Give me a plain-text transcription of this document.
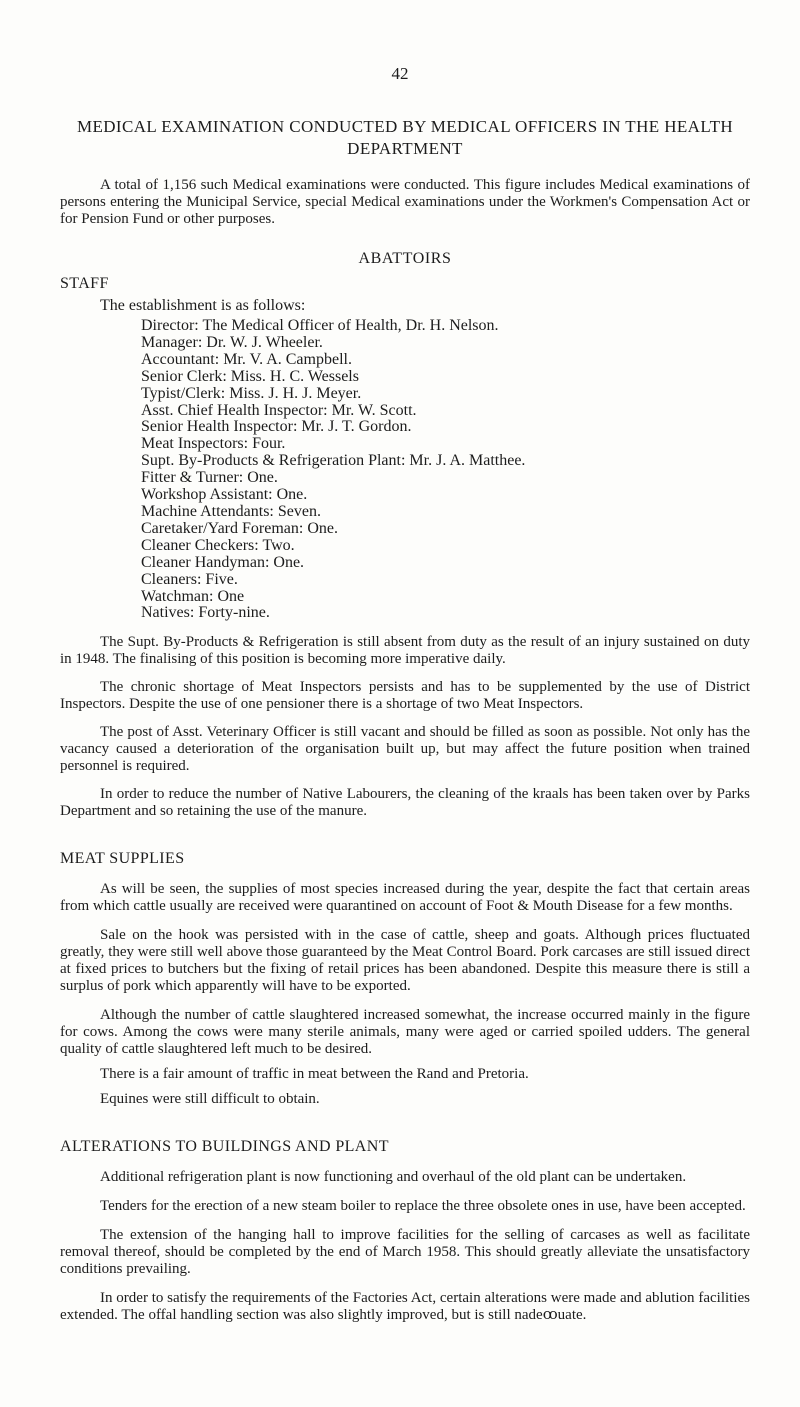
42
MEDICAL EXAMINATION CONDUCTED BY MEDICAL OFFICERS IN THE HEALTH DEPARTMENT

A total of 1,156 such Medical examinations were conducted. This figure includes Medical examinations of persons entering the Municipal Service, special Medical examinations under the Workmen's Compensation Act or for Pension Fund or other purposes.

ABATTOIRS

STAFF
The establishment is as follows:
Director: The Medical Officer of Health, Dr. H. Nelson.
Manager: Dr. W. J. Wheeler.
Accountant: Mr. V. A. Campbell.
Senior Clerk: Miss. H. C. Wessels
Typist/Clerk: Miss. J. H. J. Meyer.
Asst. Chief Health Inspector: Mr. W. Scott.
Senior Health Inspector: Mr. J. T. Gordon.
Meat Inspectors: Four.
Supt. By-Products & Refrigeration Plant: Mr. J. A. Matthee.
Fitter & Turner: One.
Workshop Assistant: One.
Machine Attendants: Seven.
Caretaker/Yard Foreman: One.
Cleaner Checkers: Two.
Cleaner Handyman: One.
Cleaners: Five.
Watchman: One
Natives: Forty-nine.

The Supt. By-Products & Refrigeration is still absent from duty as the result of an injury sustained on duty in 1948. The finalising of this position is becoming more imperative daily.

The chronic shortage of Meat Inspectors persists and has to be supplemented by the use of District Inspectors. Despite the use of one pensioner there is a shortage of two Meat Inspectors.

The post of Asst. Veterinary Officer is still vacant and should be filled as soon as possible. Not only has the vacancy caused a deterioration of the organisation built up, but may affect the future position when trained personnel is required.

In order to reduce the number of Native Labourers, the cleaning of the kraals has been taken over by Parks Department and so retaining the use of the manure.

MEAT SUPPLIES

As will be seen, the supplies of most species increased during the year, despite the fact that certain areas from which cattle usually are received were quarantined on account of Foot & Mouth Disease for a few months.

Sale on the hook was persisted with in the case of cattle, sheep and goats. Although prices fluctuated greatly, they were still well above those guaranteed by the Meat Control Board. Pork carcases are still issued direct at fixed prices to butchers but the fixing of retail prices has been abandoned. Despite this measure there is still a surplus of pork which apparently will have to be exported.

Although the number of cattle slaughtered increased somewhat, the increase occurred mainly in the figure for cows. Among the cows were many sterile animals, many were aged or carried spoiled udders. The general quality of cattle slaughtered left much to be desired.

There is a fair amount of traffic in meat between the Rand and Pretoria.

Equines were still difficult to obtain.

ALTERATIONS TO BUILDINGS AND PLANT

Additional refrigeration plant is now functioning and overhaul of the old plant can be undertaken.

Tenders for the erection of a new steam boiler to replace the three obsolete ones in use, have been accepted.

The extension of the hanging hall to improve facilities for the selling of carcases as well as facilitate removal thereof, should be completed by the end of March 1958. This should greatly alleviate the unsatisfactory conditions prevailing.

In order to satisfy the requirements of the Factories Act, certain alterations were made and ablution facilities extended. The offal handling section was also slightly improved, but is still nadeꝏuate.
